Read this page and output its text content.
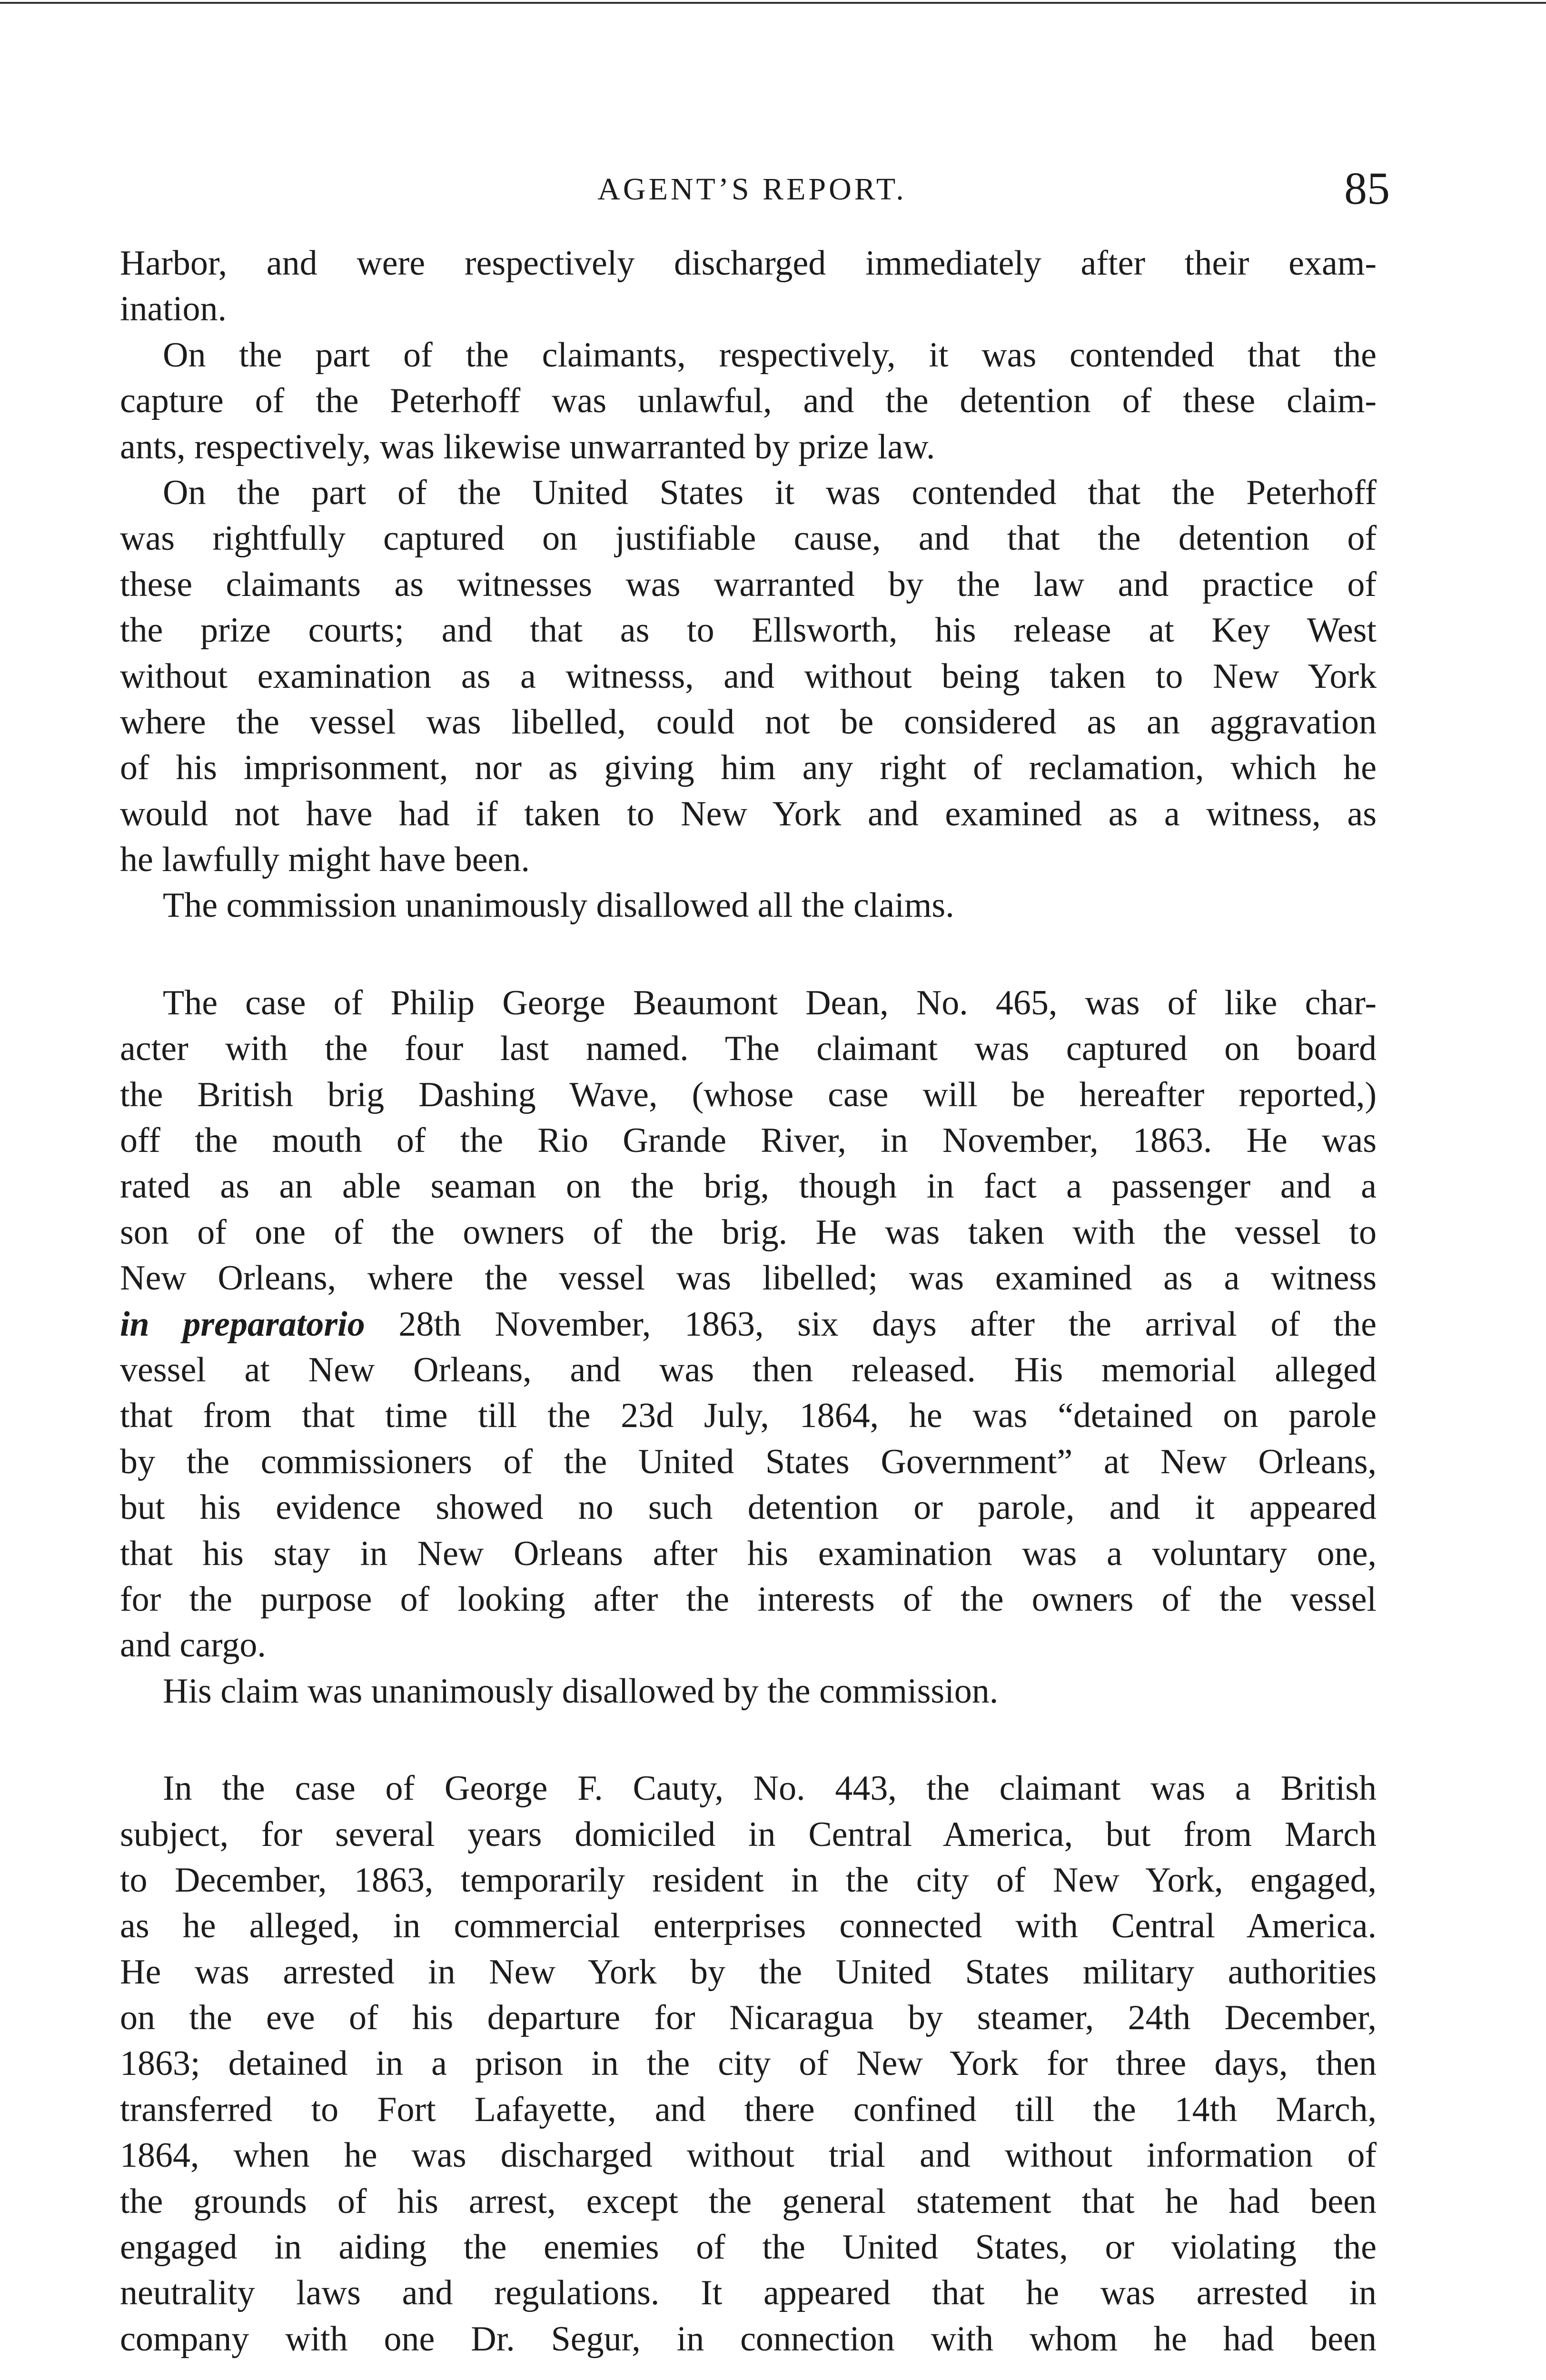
AGENT’S REPORT.	85
Harbor, and were respectively discharged immediately after their exam-
ination.
On the part of the claimants, respectively, it was contended that the
capture of the Peterhoff was unlawful, and the detention of these claim-
ants, respectively, was likewise unwarranted by prize law.
On the part of the United States it was contended that the Peterhoff
was rightfully captured on justifiable cause, and that the detention of
these claimants as witnesses was warranted by the law and practice of
the prize courts; and that as to Ellsworth, his release at Key West
without examination as a witnesss, and without being taken to New York
where the vessel was libelled, could not be considered as an aggravation
of his imprisonment, nor as giving him any right of reclamation, which he
would not have had if taken to New York and examined as a witness, as
he lawfully might have been.
The commission unanimously disallowed all the claims.
The case of Philip George Beaumont Dean, No. 465, was of like char-
acter with the four last named. The claimant was captured on board
the British brig Dashing Wave, (whose case will be hereafter reported,)
off the mouth of the Rio Grande River, in November, 1863. He was
rated as an able seaman on the brig, though in fact a passenger and a
son of one of the owners of the brig. He was taken with the vessel to
New Orleans, where the vessel was libelled; was examined as a witness
in preparatorio 28th November, 1863, six days after the arrival of the
vessel at New Orleans, and was then released. His memorial alleged
that from that time till the 23d July, 1864, he was “detained on parole
by the commissioners of the United States Government” at New Orleans,
but his evidence showed no such detention or parole, and it appeared
that his stay in New Orleans after his examination was a voluntary one,
for the purpose of looking after the interests of the owners of the vessel
and cargo.
His claim was unanimously disallowed by the commission.
In the case of George F. Cauty, No. 443, the claimant was a British
subject, for several years domiciled in Central America, but from March
to December, 1863, temporarily resident in the city of New York, engaged,
as he alleged, in commercial enterprises connected with Central America.
He was arrested in New York by the United States military authorities
on the eve of his departure for Nicaragua by steamer, 24th December,
1863; detained in a prison in the city of New York for three days, then
transferred to Fort Lafayette, and there confined till the 14th March,
1864, when he was discharged without trial and without information of
the grounds of his arrest, except the general statement that he had been
engaged in aiding the enemies of the United States, or violating the
neutrality laws and regulations. It appeared that he was arrested in
company with one Dr. Segur, in connection with whom he had been
